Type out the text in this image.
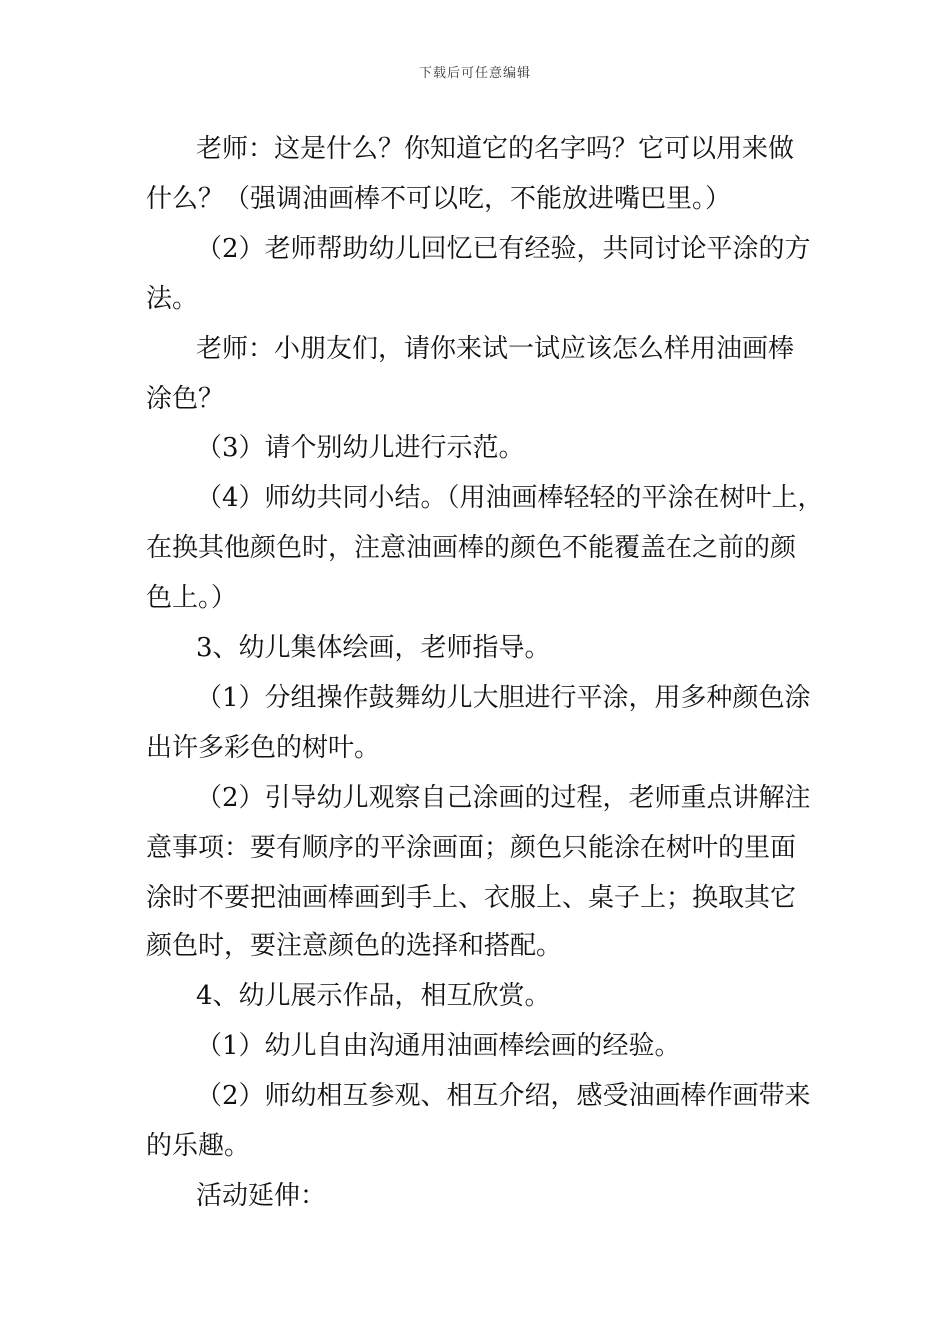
下载后可任意编辑
老师：这是什么？你知道它的名字吗？它可以用来做
什么？（强调油画棒不可以吃，不能放进嘴巴里。）
（2）老师帮助幼儿回忆已有经验，共同讨论平涂的方
法。
老师：小朋友们，请你来试一试应该怎么样用油画棒
涂色？
（3）请个别幼儿进行示范。
（4）师幼共同小结。（用油画棒轻轻的平涂在树叶上，
在换其他颜色时，注意油画棒的颜色不能覆盖在之前的颜
色上。）
3、幼儿集体绘画，老师指导。
（1）分组操作鼓舞幼儿大胆进行平涂，用多种颜色涂
出许多彩色的树叶。
（2）引导幼儿观察自己涂画的过程，老师重点讲解注
意事项：要有顺序的平涂画面；颜色只能涂在树叶的里面
涂时不要把油画棒画到手上、衣服上、桌子上；换取其它
颜色时，要注意颜色的选择和搭配。
4、幼儿展示作品，相互欣赏。
（1）幼儿自由沟通用油画棒绘画的经验。
（2）师幼相互参观、相互介绍，感受油画棒作画带来
的乐趣。
活动延伸：
